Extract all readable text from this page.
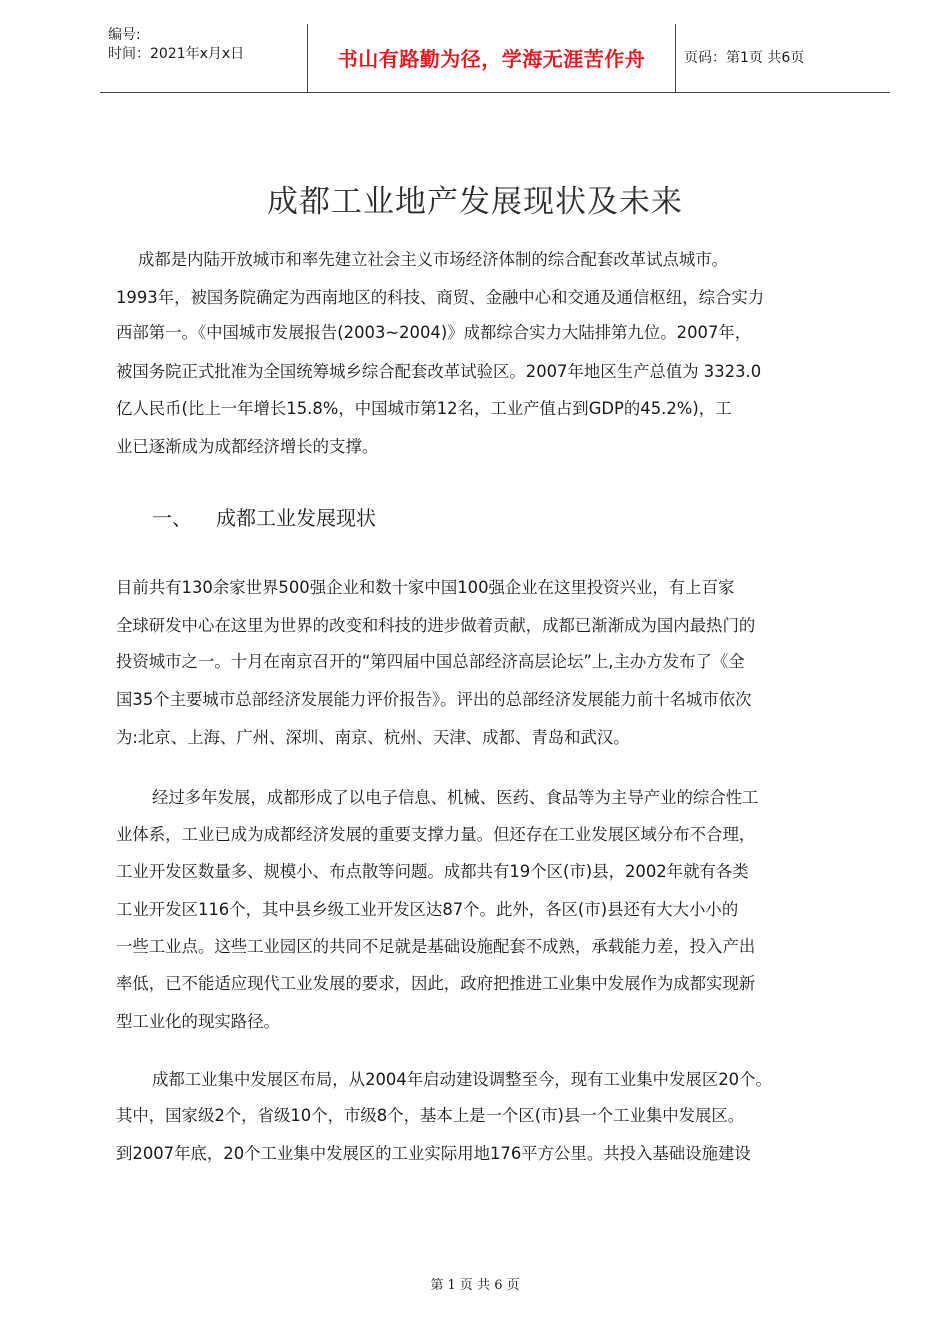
编号:
时间：2021年x月x日	书山有路勤为径，学海无涯苦作舟	页码：第1页 共6页
成都工业地产发展现状及未来
成都是内陆开放城市和率先建立社会主义市场经济体制的综合配套改革试点城市。
1993年，被国务院确定为西南地区的科技、商贸、金融中心和交通及通信枢纽，综合实力
西部第一。《中国城市发展报告(2003~2004)》成都综合实力大陆排第九位。2007年，
被国务院正式批准为全国统筹城乡综合配套改革试验区。2007年地区生产总值为 3323.0
亿人民币(比上一年增长15.8%，中国城市第12名，工业产值占到GDP的45.2%)，工
业已逐渐成为成都经济增长的支撑。
一、 成都工业发展现状
目前共有130余家世界500强企业和数十家中国100强企业在这里投资兴业，有上百家
全球研发中心在这里为世界的改变和科技的进步做着贡献，成都已渐渐成为国内最热门的
投资城市之一。十月在南京召开的“第四届中国总部经济高层论坛”上,主办方发布了《全
国35个主要城市总部经济发展能力评价报告》。评出的总部经济发展能力前十名城市依次
为:北京、上海、广州、深圳、南京、杭州、天津、成都、青岛和武汉。
经过多年发展，成都形成了以电子信息、机械、医药、食品等为主导产业的综合性工
业体系，工业已成为成都经济发展的重要支撑力量。但还存在工业发展区域分布不合理，
工业开发区数量多、规模小、布点散等问题。成都共有19个区(市)县，2002年就有各类
工业开发区116个，其中县乡级工业开发区达87个。此外，各区(市)县还有大大小小的
一些工业点。这些工业园区的共同不足就是基础设施配套不成熟，承载能力差，投入产出
率低，已不能适应现代工业发展的要求，因此，政府把推进工业集中发展作为成都实现新
型工业化的现实路径。
成都工业集中发展区布局，从2004年启动建设调整至今，现有工业集中发展区20个。
其中，国家级2个，省级10个，市级8个，基本上是一个区(市)县一个工业集中发展区。
到2007年底，20个工业集中发展区的工业实际用地176平方公里。共投入基础设施建设
第 1 页 共 6 页
